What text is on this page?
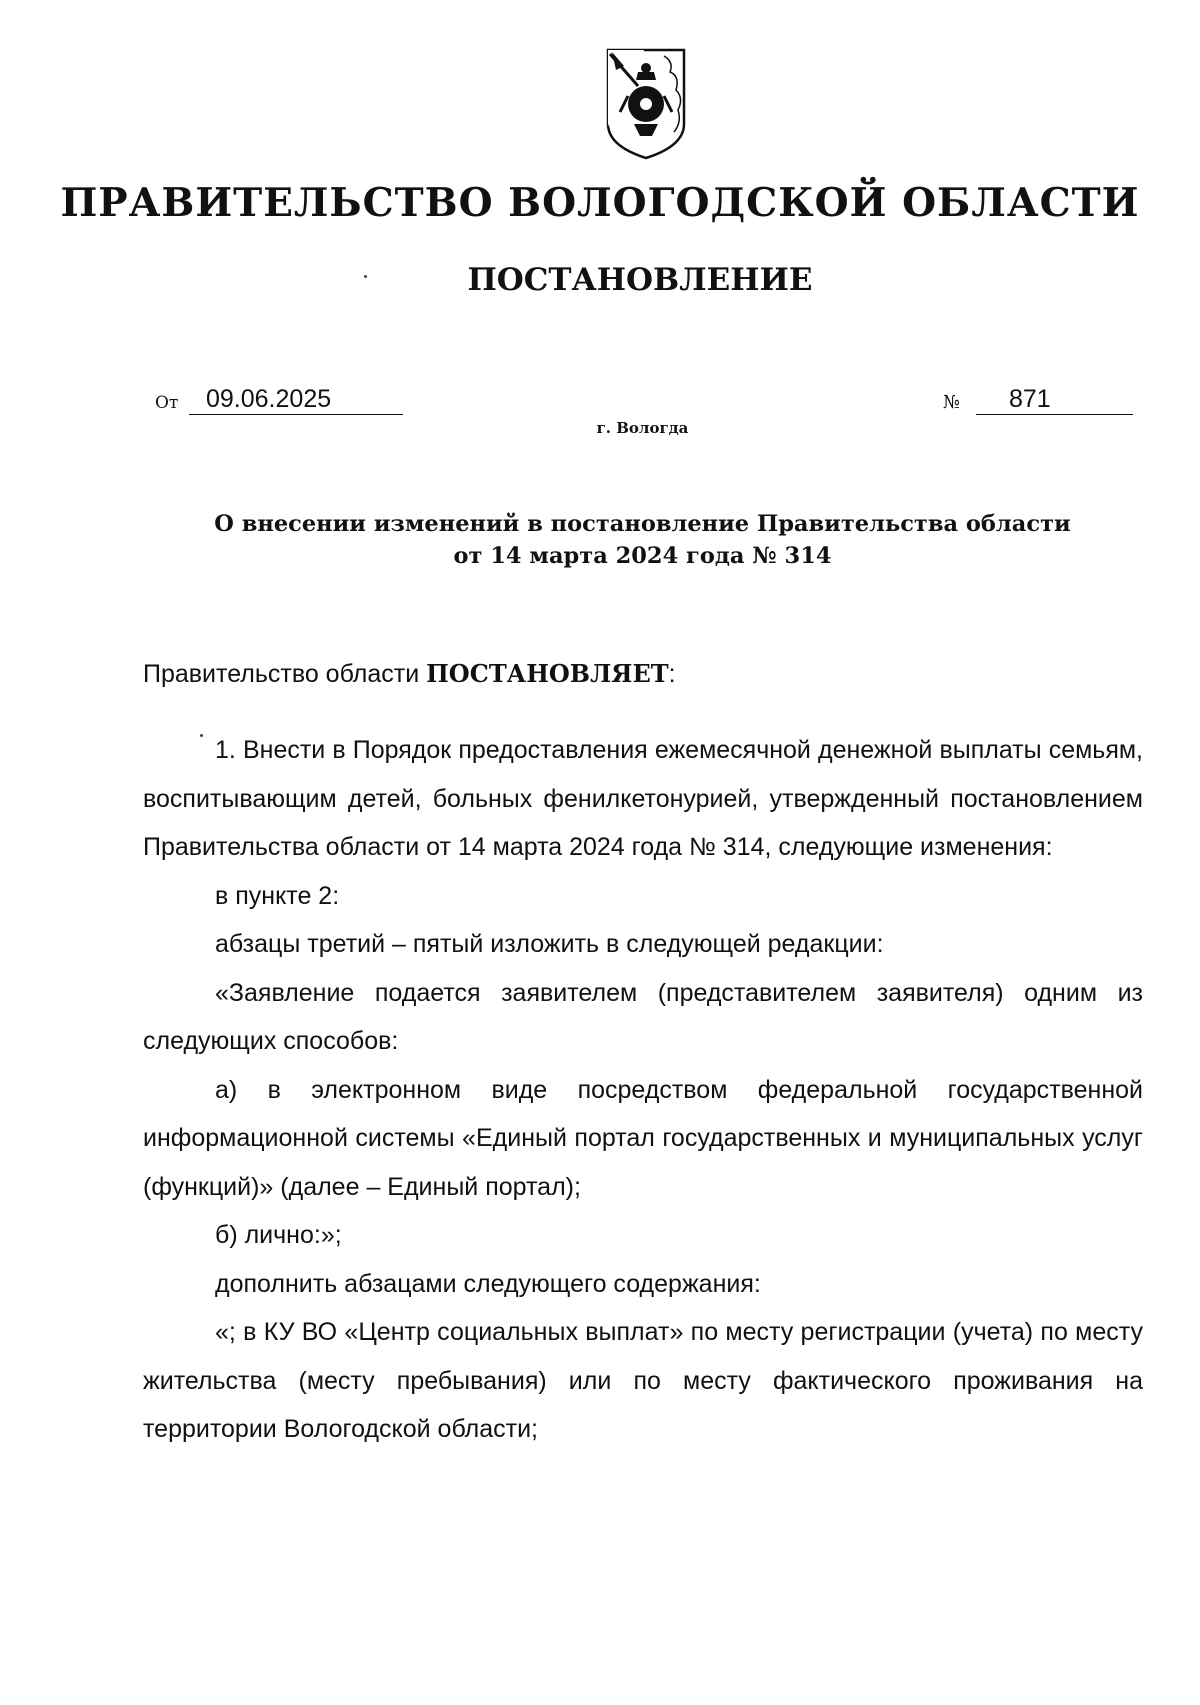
ПРАВИТЕЛЬСТВО ВОЛОГОДСКОЙ ОБЛАСТИ
ПОСТАНОВЛЕНИЕ
От	09.06.2025	№	871
г. Вологда
О внесении изменений в постановление Правительства области
от 14 марта 2024 года № 314
Правительство области ПОСТАНОВЛЯЕТ:

1. Внести в Порядок предоставления ежемесячной денежной выплаты семьям, воспитывающим детей, больных фенилкетонурией, утвержденный постановлением Правительства области от 14 марта 2024 года № 314, следующие изменения:

в пункте 2:

абзацы третий – пятый изложить в следующей редакции:

«Заявление подается заявителем (представителем заявителя) одним из следующих способов:

а) в электронном виде посредством федеральной государственной информационной системы «Единый портал государственных и муниципальных услуг (функций)» (далее – Единый портал);

б) лично:»;

дополнить абзацами следующего содержания:

«; в КУ ВО «Центр социальных выплат» по месту регистрации (учета) по месту жительства (месту пребывания) или по месту фактического проживания на территории Вологодской области;
